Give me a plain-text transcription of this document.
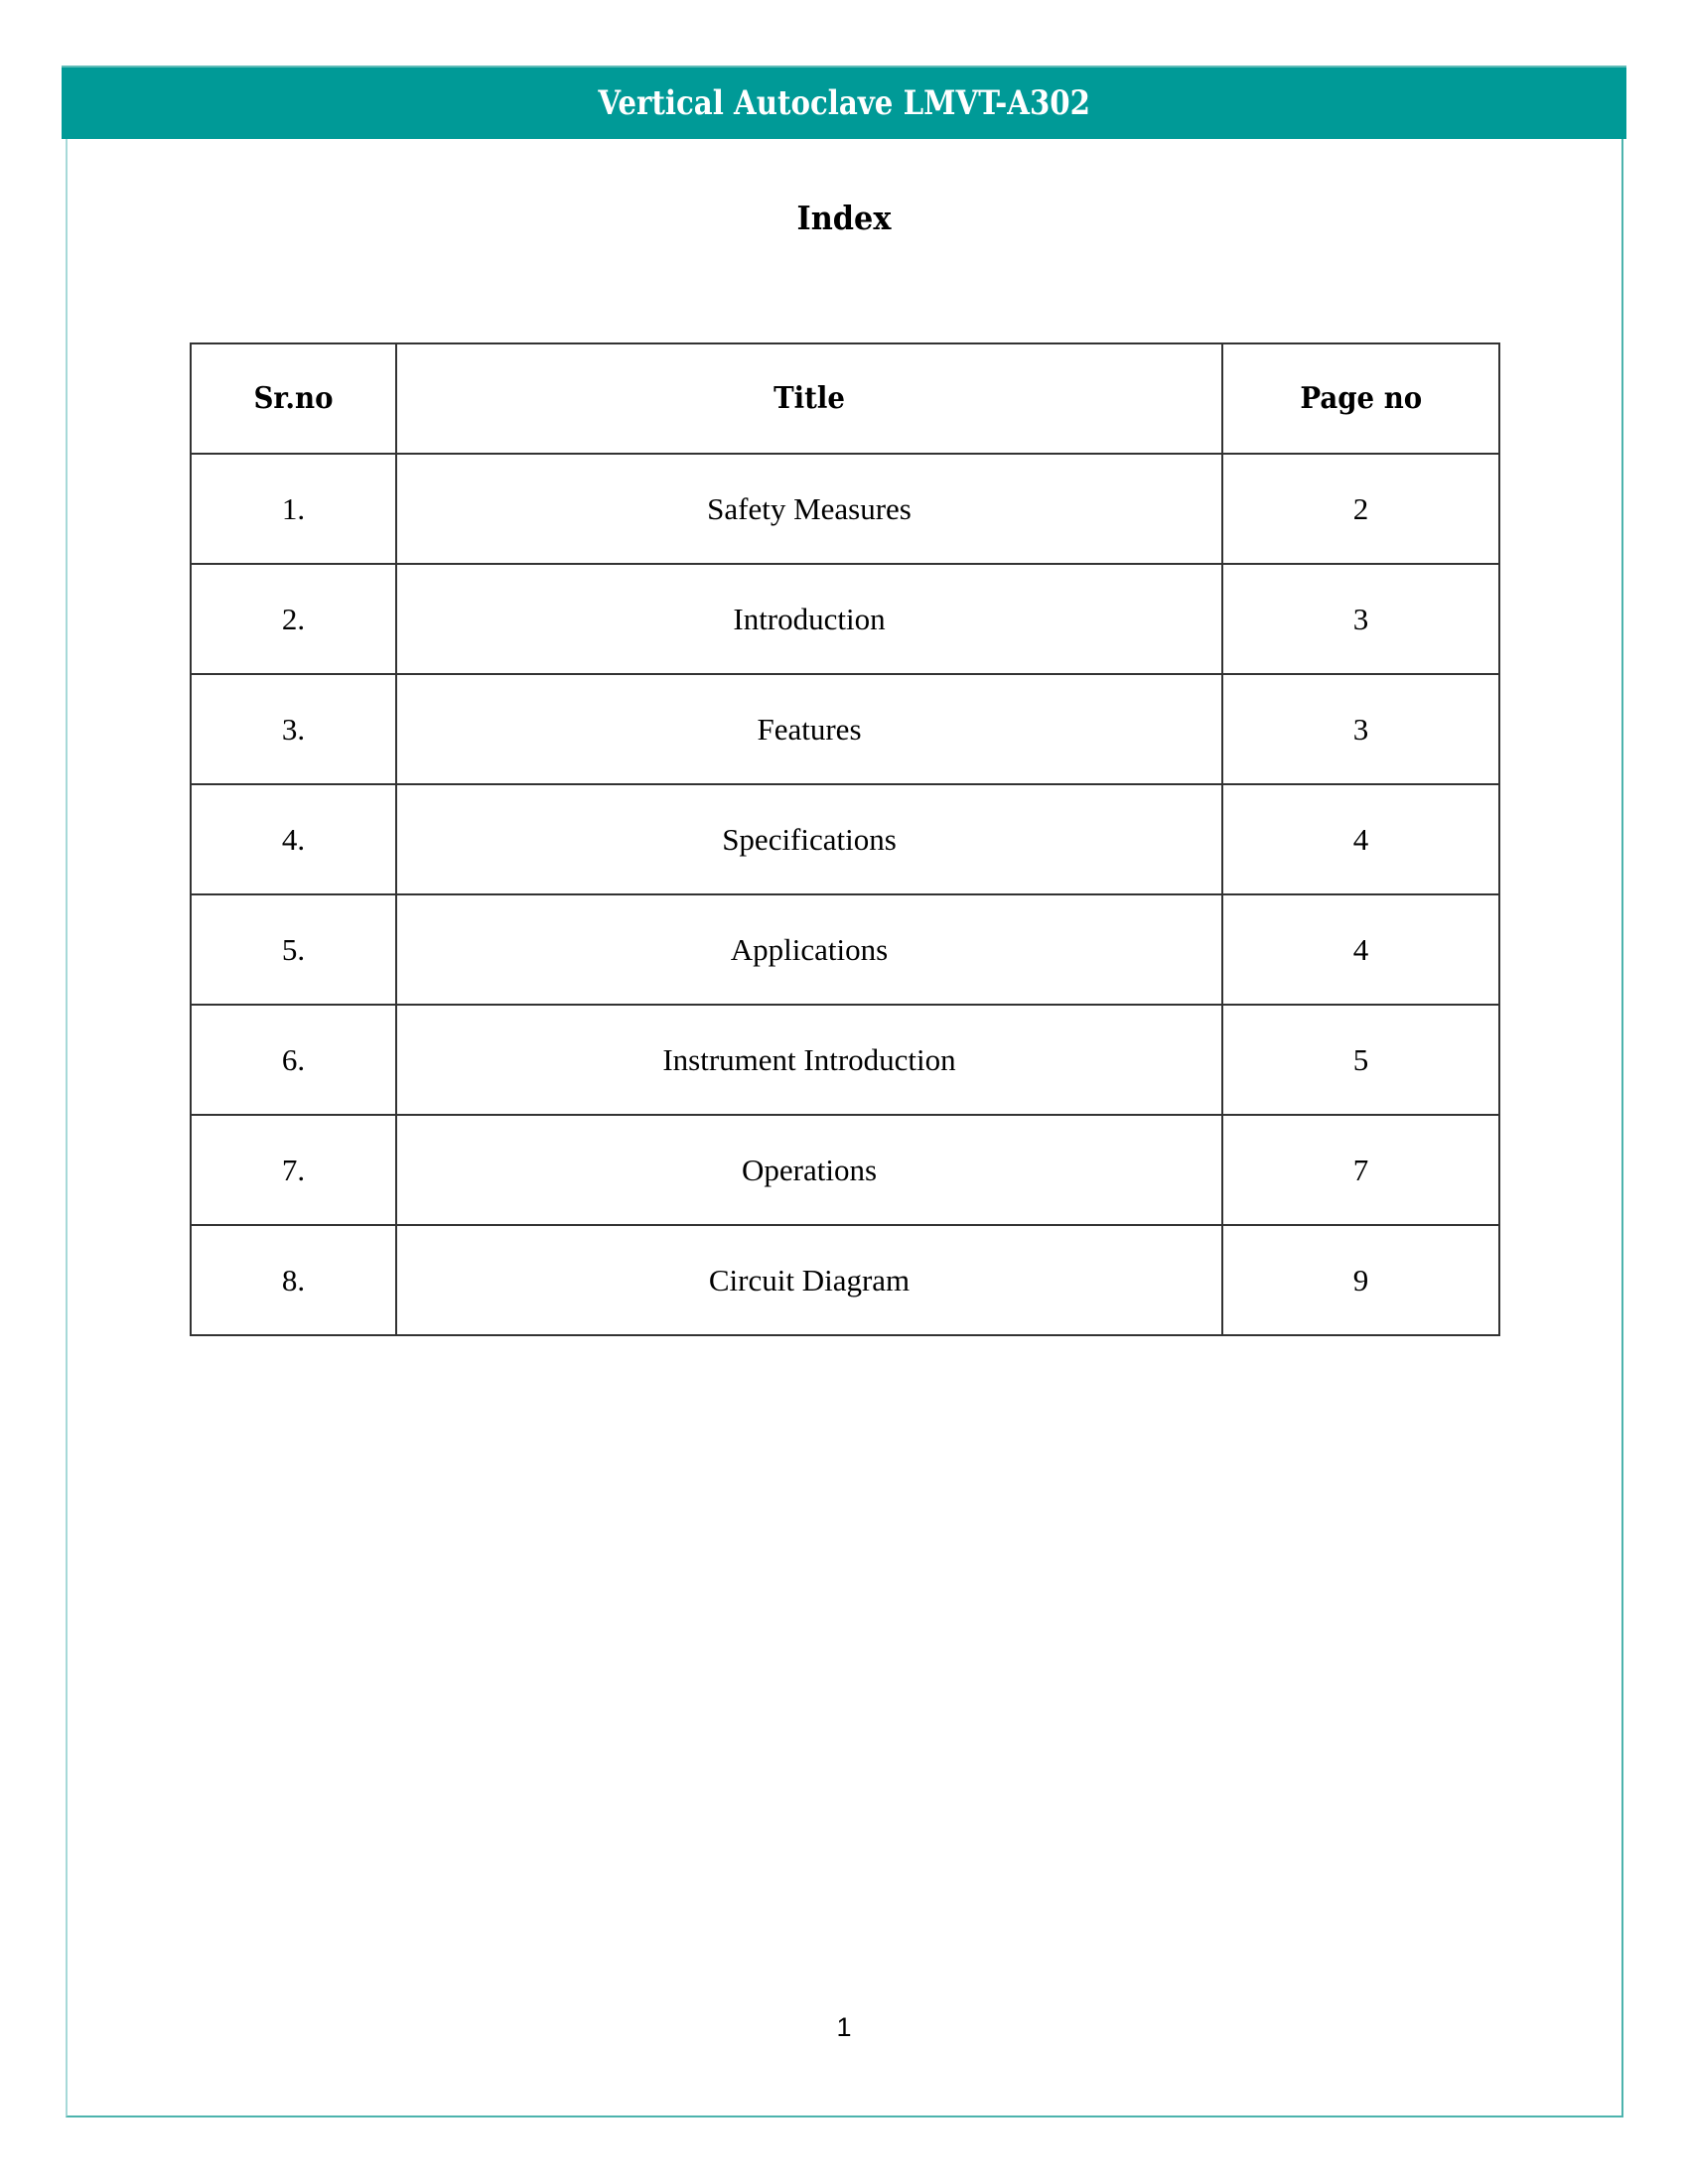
Vertical Autoclave LMVT-A302
Index
Sr.no	Title	Page no
1.	Safety Measures	2
2.	Introduction	3
3.	Features	3
4.	Specifications	4
5.	Applications	4
6.	Instrument Introduction	5
7.	Operations	7
8.	Circuit Diagram	9
1
